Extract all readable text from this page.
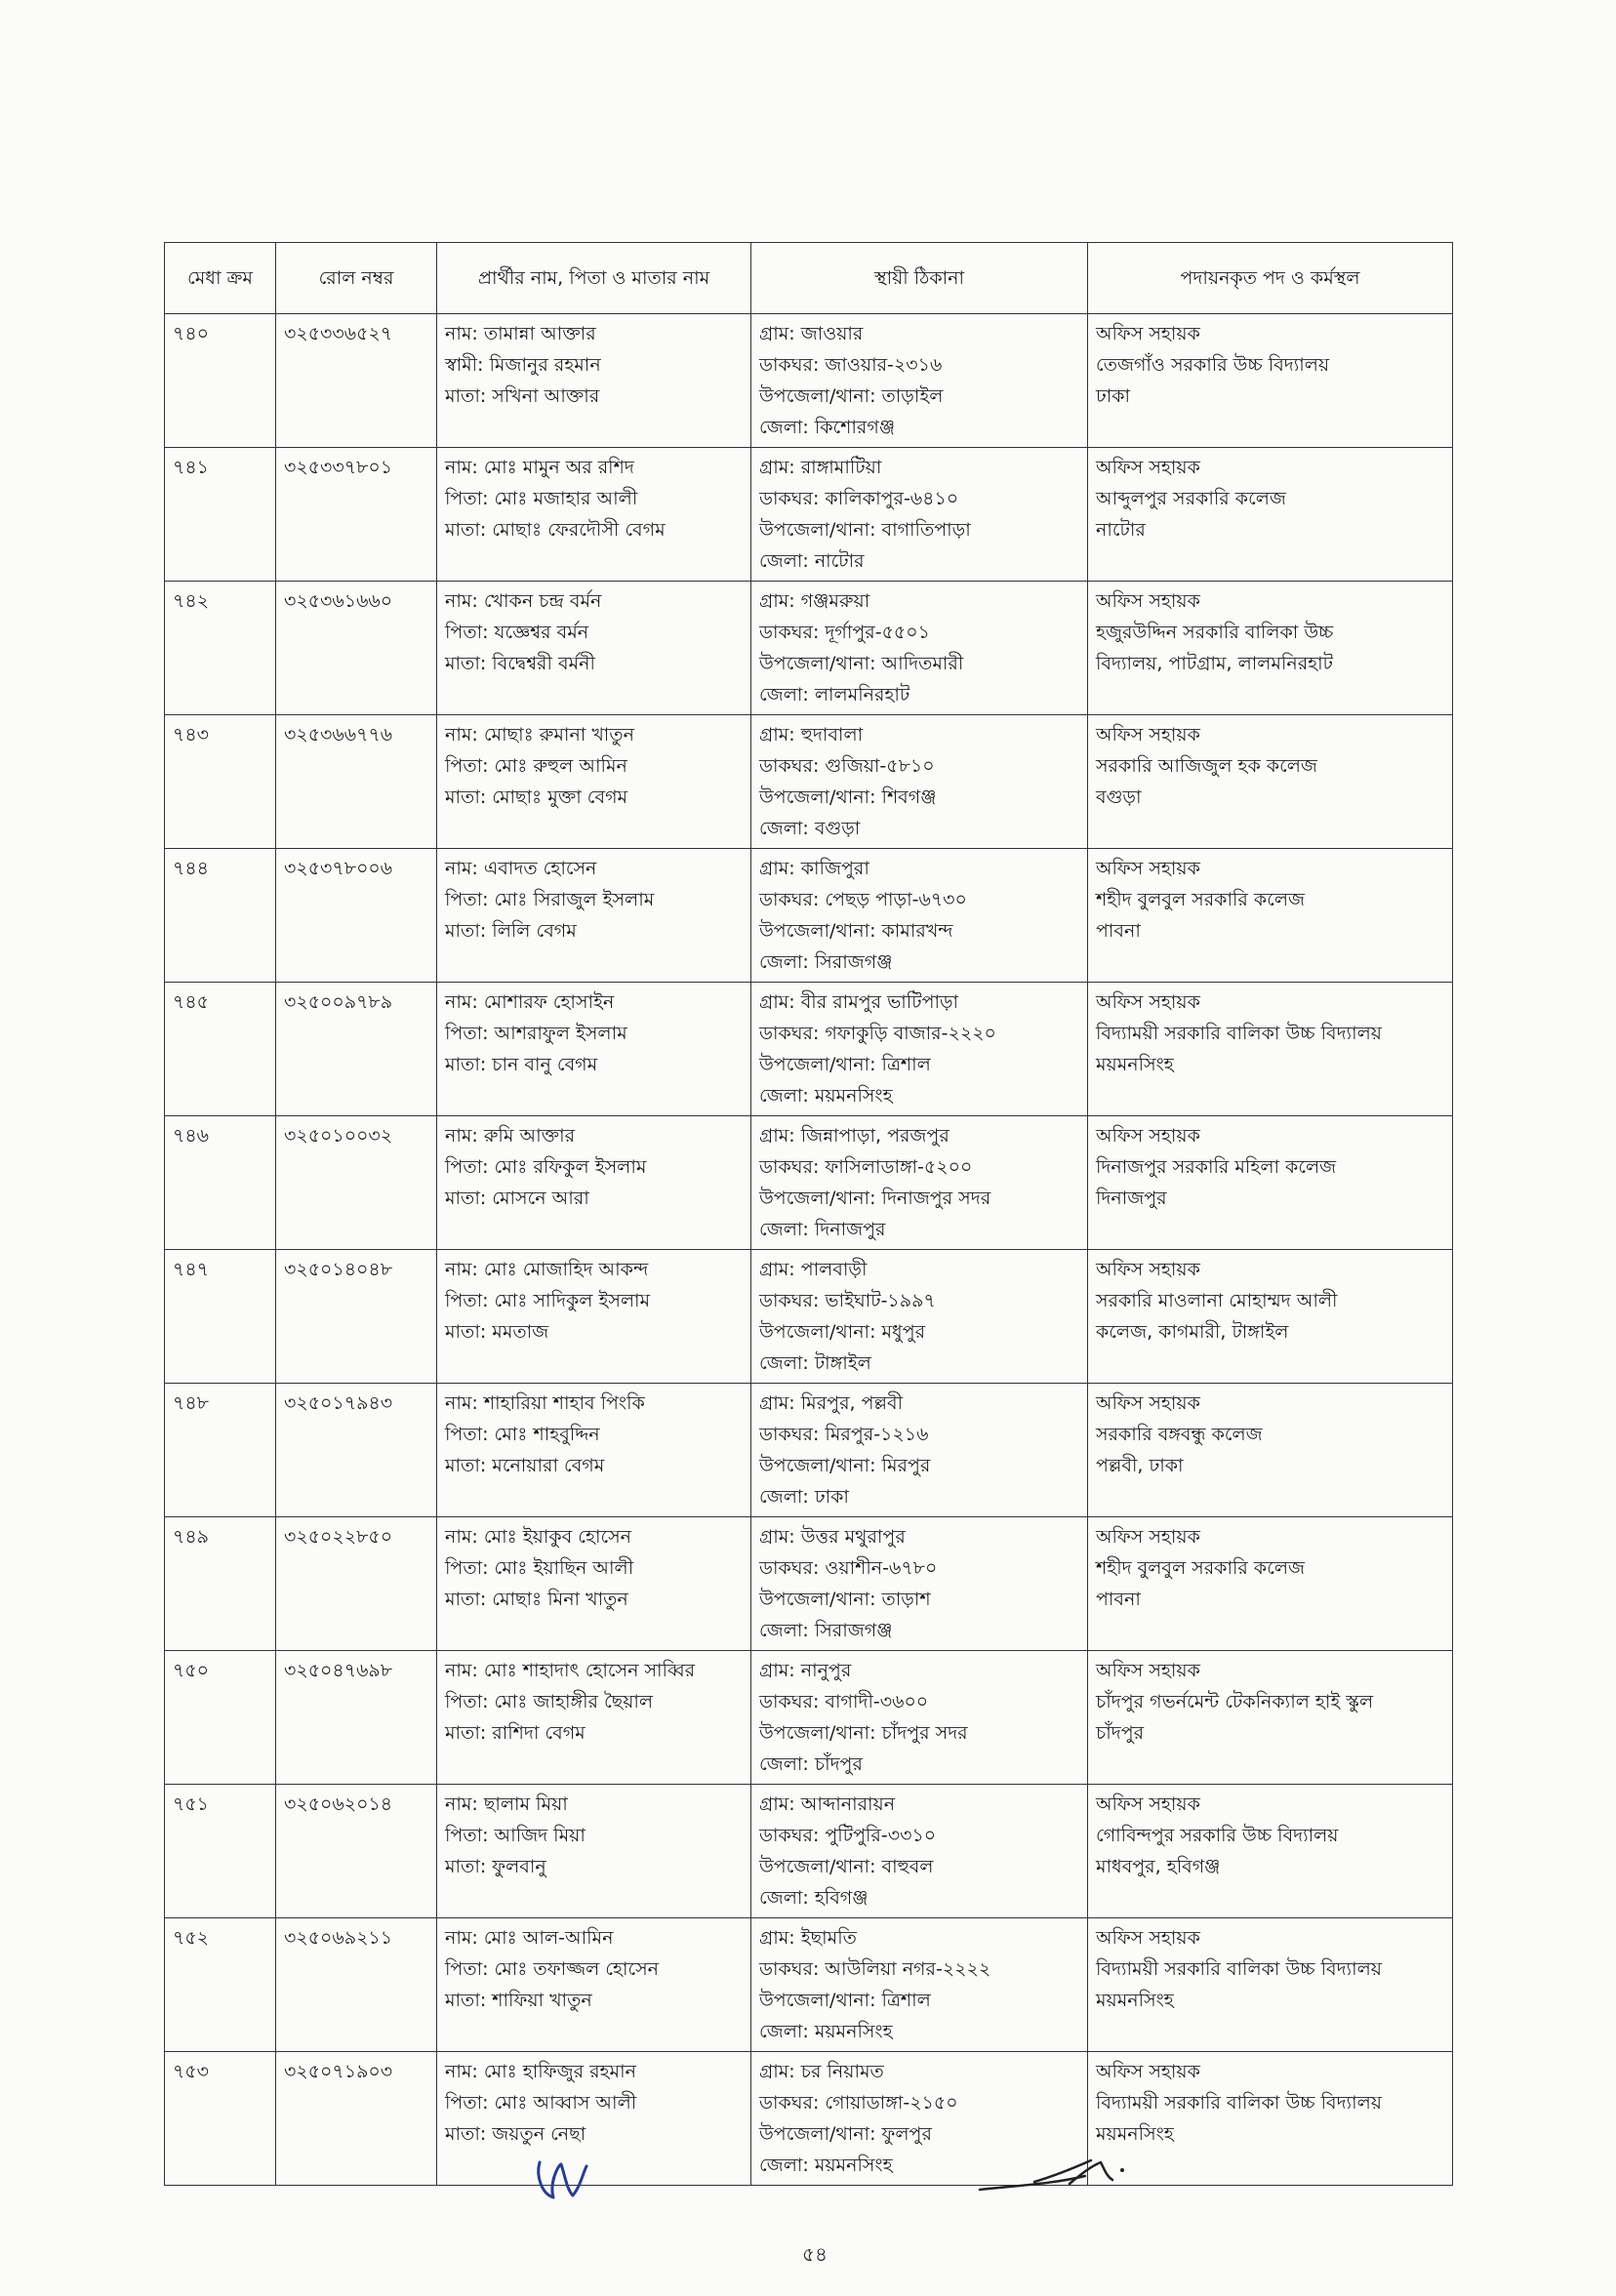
মেধা ক্রম	রোল নম্বর	প্রার্থীর নাম, পিতা ও মাতার নাম	স্থায়ী ঠিকানা	পদায়নকৃত পদ ও কর্মস্থল
৭৪০	৩২৫৩৩৬৫২৭	নাম: তামান্না আক্তার
স্বামী: মিজানুর রহমান
মাতা: সখিনা আক্তার	গ্রাম: জাওয়ার
ডাকঘর: জাওয়ার-২৩১৬
উপজেলা/থানা: তাড়াইল
জেলা: কিশোরগঞ্জ	অফিস সহায়ক
তেজগাঁও সরকারি উচ্চ বিদ্যালয়
ঢাকা

৭৪১	৩২৫৩৩৭৮০১	নাম: মোঃ মামুন অর রশিদ
পিতা: মোঃ মজাহার আলী
মাতা: মোছাঃ ফেরদৌসী বেগম	গ্রাম: রাঙ্গামাটিয়া
ডাকঘর: কালিকাপুর-৬৪১০
উপজেলা/থানা: বাগাতিপাড়া
জেলা: নাটোর	অফিস সহায়ক
আব্দুলপুর সরকারি কলেজ
নাটোর

৭৪২	৩২৫৩৬১৬৬০	নাম: খোকন চন্দ্র বর্মন
পিতা: যজ্ঞেশ্বর বর্মন
মাতা: বিদ্বেশ্বরী বর্মনী	গ্রাম: গঞ্জমরুয়া
ডাকঘর: দূর্গাপুর-৫৫০১
উপজেলা/থানা: আদিতমারী
জেলা: লালমনিরহাট	অফিস সহায়ক
হজুরউদ্দিন সরকারি বালিকা উচ্চ
বিদ্যালয়, পাটগ্রাম, লালমনিরহাট

৭৪৩	৩২৫৩৬৬৭৭৬	নাম: মোছাঃ রুমানা খাতুন
পিতা: মোঃ রুহুল আমিন
মাতা: মোছাঃ মুক্তা বেগম	গ্রাম: হুদাবালা
ডাকঘর: গুজিয়া-৫৮১০
উপজেলা/থানা: শিবগঞ্জ
জেলা: বগুড়া	অফিস সহায়ক
সরকারি আজিজুল হক কলেজ
বগুড়া

৭৪৪	৩২৫৩৭৮০০৬	নাম: এবাদত হোসেন
পিতা: মোঃ সিরাজুল ইসলাম
মাতা: লিলি বেগম	গ্রাম: কাজিপুরা
ডাকঘর: পেছড় পাড়া-৬৭৩০
উপজেলা/থানা: কামারখন্দ
জেলা: সিরাজগঞ্জ	অফিস সহায়ক
শহীদ বুলবুল সরকারি কলেজ
পাবনা

৭৪৫	৩২৫০০৯৭৮৯	নাম: মোশারফ হোসাইন
পিতা: আশরাফুল ইসলাম
মাতা: চান বানু বেগম	গ্রাম: বীর রামপুর ভাটিপাড়া
ডাকঘর: গফাকুড়ি বাজার-২২২০
উপজেলা/থানা: ত্রিশাল
জেলা: ময়মনসিংহ	অফিস সহায়ক
বিদ্যাময়ী সরকারি বালিকা উচ্চ বিদ্যালয়
ময়মনসিংহ

৭৪৬	৩২৫০১০০৩২	নাম: রুমি আক্তার
পিতা: মোঃ রফিকুল ইসলাম
মাতা: মোসনে আরা	গ্রাম: জিন্নাপাড়া, পরজপুর
ডাকঘর: ফাসিলাডাঙ্গা-৫২০০
উপজেলা/থানা: দিনাজপুর সদর
জেলা: দিনাজপুর	অফিস সহায়ক
দিনাজপুর সরকারি মহিলা কলেজ
দিনাজপুর

৭৪৭	৩২৫০১৪০৪৮	নাম: মোঃ মোজাহিদ আকন্দ
পিতা: মোঃ সাদিকুল ইসলাম
মাতা: মমতাজ	গ্রাম: পালবাড়ী
ডাকঘর: ভাইঘাট-১৯৯৭
উপজেলা/থানা: মধুপুর
জেলা: টাঙ্গাইল	অফিস সহায়ক
সরকারি মাওলানা মোহাম্মদ আলী
কলেজ, কাগমারী, টাঙ্গাইল

৭৪৮	৩২৫০১৭৯৪৩	নাম: শাহারিয়া শাহাব পিংকি
পিতা: মোঃ শাহবুদ্দিন
মাতা: মনোয়ারা বেগম	গ্রাম: মিরপুর, পল্লবী
ডাকঘর: মিরপুর-১২১৬
উপজেলা/থানা: মিরপুর
জেলা: ঢাকা	অফিস সহায়ক
সরকারি বঙ্গবন্ধু কলেজ
পল্লবী, ঢাকা

৭৪৯	৩২৫০২২৮৫০	নাম: মোঃ ইয়াকুব হোসেন
পিতা: মোঃ ইয়াছিন আলী
মাতা: মোছাঃ মিনা খাতুন	গ্রাম: উত্তর মথুরাপুর
ডাকঘর: ওয়াশীন-৬৭৮০
উপজেলা/থানা: তাড়াশ
জেলা: সিরাজগঞ্জ	অফিস সহায়ক
শহীদ বুলবুল সরকারি কলেজ
পাবনা

৭৫০	৩২৫০৪৭৬৯৮	নাম: মোঃ শাহাদাৎ হোসেন সাব্বির
পিতা: মোঃ জাহাঙ্গীর ছৈয়াল
মাতা: রাশিদা বেগম	গ্রাম: নানুপুর
ডাকঘর: বাগাদী-৩৬০০
উপজেলা/থানা: চাঁদপুর সদর
জেলা: চাঁদপুর	অফিস সহায়ক
চাঁদপুর গভর্নমেন্ট টেকনিক্যাল হাই স্কুল
চাঁদপুর

৭৫১	৩২৫০৬২০১৪	নাম: ছালাম মিয়া
পিতা: আজিদ মিয়া
মাতা: ফুলবানু	গ্রাম: আব্দানারায়ন
ডাকঘর: পুটিপুরি-৩৩১০
উপজেলা/থানা: বাহুবল
জেলা: হবিগঞ্জ	অফিস সহায়ক
গোবিন্দপুর সরকারি উচ্চ বিদ্যালয়
মাধবপুর, হবিগঞ্জ

৭৫২	৩২৫০৬৯২১১	নাম: মোঃ আল-আমিন
পিতা: মোঃ তফাজ্জল হোসেন
মাতা: শাফিয়া খাতুন	গ্রাম: ইছামতি
ডাকঘর: আউলিয়া নগর-২২২২
উপজেলা/থানা: ত্রিশাল
জেলা: ময়মনসিংহ	অফিস সহায়ক
বিদ্যাময়ী সরকারি বালিকা উচ্চ বিদ্যালয়
ময়মনসিংহ

৭৫৩	৩২৫০৭১৯০৩	নাম: মোঃ হাফিজুর রহমান
পিতা: মোঃ আব্বাস আলী
মাতা: জয়তুন নেছা	গ্রাম: চর নিয়ামত
ডাকঘর: গোয়াডাঙ্গা-২১৫০
উপজেলা/থানা: ফুলপুর
জেলা: ময়মনসিংহ	অফিস সহায়ক
বিদ্যাময়ী সরকারি বালিকা উচ্চ বিদ্যালয়
ময়মনসিংহ
৫৪
